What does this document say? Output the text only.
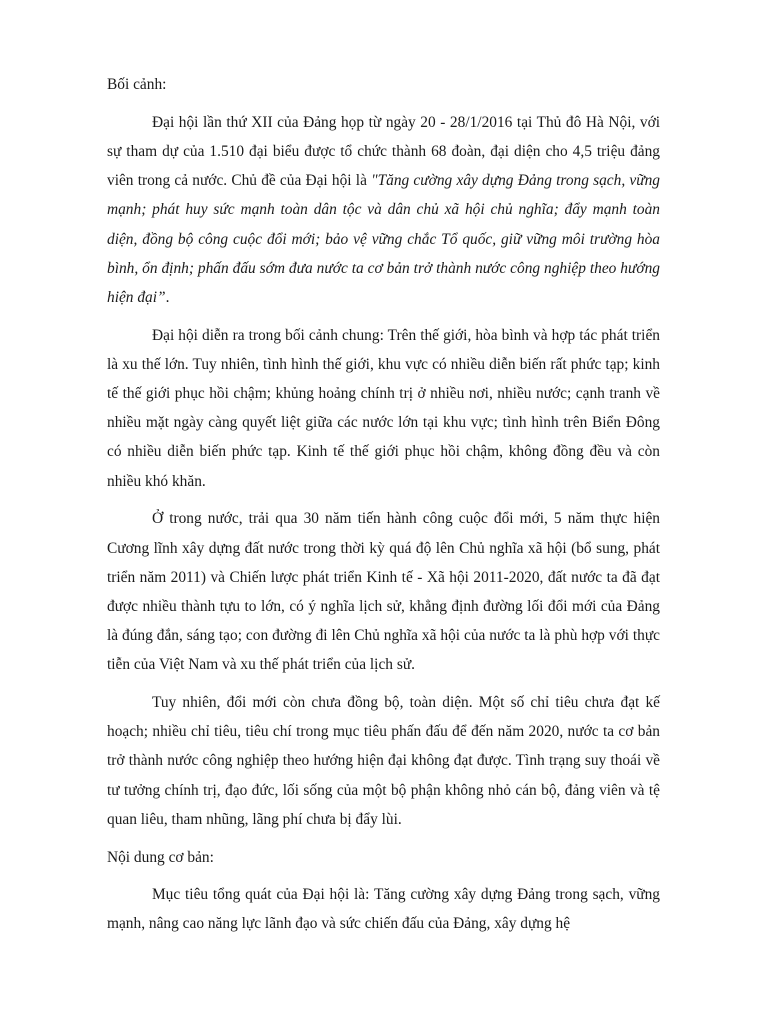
Bối cảnh:

Đại hội lần thứ XII của Đảng họp từ ngày 20 - 28/1/2016 tại Thủ đô Hà Nội, với sự tham dự của 1.510 đại biểu được tổ chức thành 68 đoàn, đại diện cho 4,5 triệu đảng viên trong cả nước. Chủ đề của Đại hội là "Tăng cường xây dựng Đảng trong sạch, vững mạnh; phát huy sức mạnh toàn dân tộc và dân chủ xã hội chủ nghĩa; đẩy mạnh toàn diện, đồng bộ công cuộc đổi mới; bảo vệ vững chắc Tổ quốc, giữ vững môi trường hòa bình, ổn định; phấn đấu sớm đưa nước ta cơ bản trở thành nước công nghiệp theo hướng hiện đại”.

Đại hội diễn ra trong bối cảnh chung: Trên thế giới, hòa bình và hợp tác phát triển là xu thế lớn. Tuy nhiên, tình hình thế giới, khu vực có nhiều diễn biến rất phức tạp; kinh tế thế giới phục hồi chậm; khủng hoảng chính trị ở nhiều nơi, nhiều nước; cạnh tranh về nhiều mặt ngày càng quyết liệt giữa các nước lớn tại khu vực; tình hình trên Biển Đông có nhiều diễn biến phức tạp. Kinh tế thế giới phục hồi chậm, không đồng đều và còn nhiều khó khăn.

Ở trong nước, trải qua 30 năm tiến hành công cuộc đổi mới, 5 năm thực hiện Cương lĩnh xây dựng đất nước trong thời kỳ quá độ lên Chủ nghĩa xã hội (bổ sung, phát triển năm 2011) và Chiến lược phát triển Kinh tế - Xã hội 2011-2020, đất nước ta đã đạt được nhiều thành tựu to lớn, có ý nghĩa lịch sử, khẳng định đường lối đổi mới của Đảng là đúng đắn, sáng tạo; con đường đi lên Chủ nghĩa xã hội của nước ta là phù hợp với thực tiễn của Việt Nam và xu thế phát triển của lịch sử.

Tuy nhiên, đổi mới còn chưa đồng bộ, toàn diện. Một số chỉ tiêu chưa đạt kế hoạch; nhiều chỉ tiêu, tiêu chí trong mục tiêu phấn đấu để đến năm 2020, nước ta cơ bản trở thành nước công nghiệp theo hướng hiện đại không đạt được. Tình trạng suy thoái về tư tưởng chính trị, đạo đức, lối sống của một bộ phận không nhỏ cán bộ, đảng viên và tệ quan liêu, tham nhũng, lãng phí chưa bị đẩy lùi.

Nội dung cơ bản:

Mục tiêu tổng quát của Đại hội là: Tăng cường xây dựng Đảng trong sạch, vững mạnh, nâng cao năng lực lãnh đạo và sức chiến đấu của Đảng, xây dựng hệ
